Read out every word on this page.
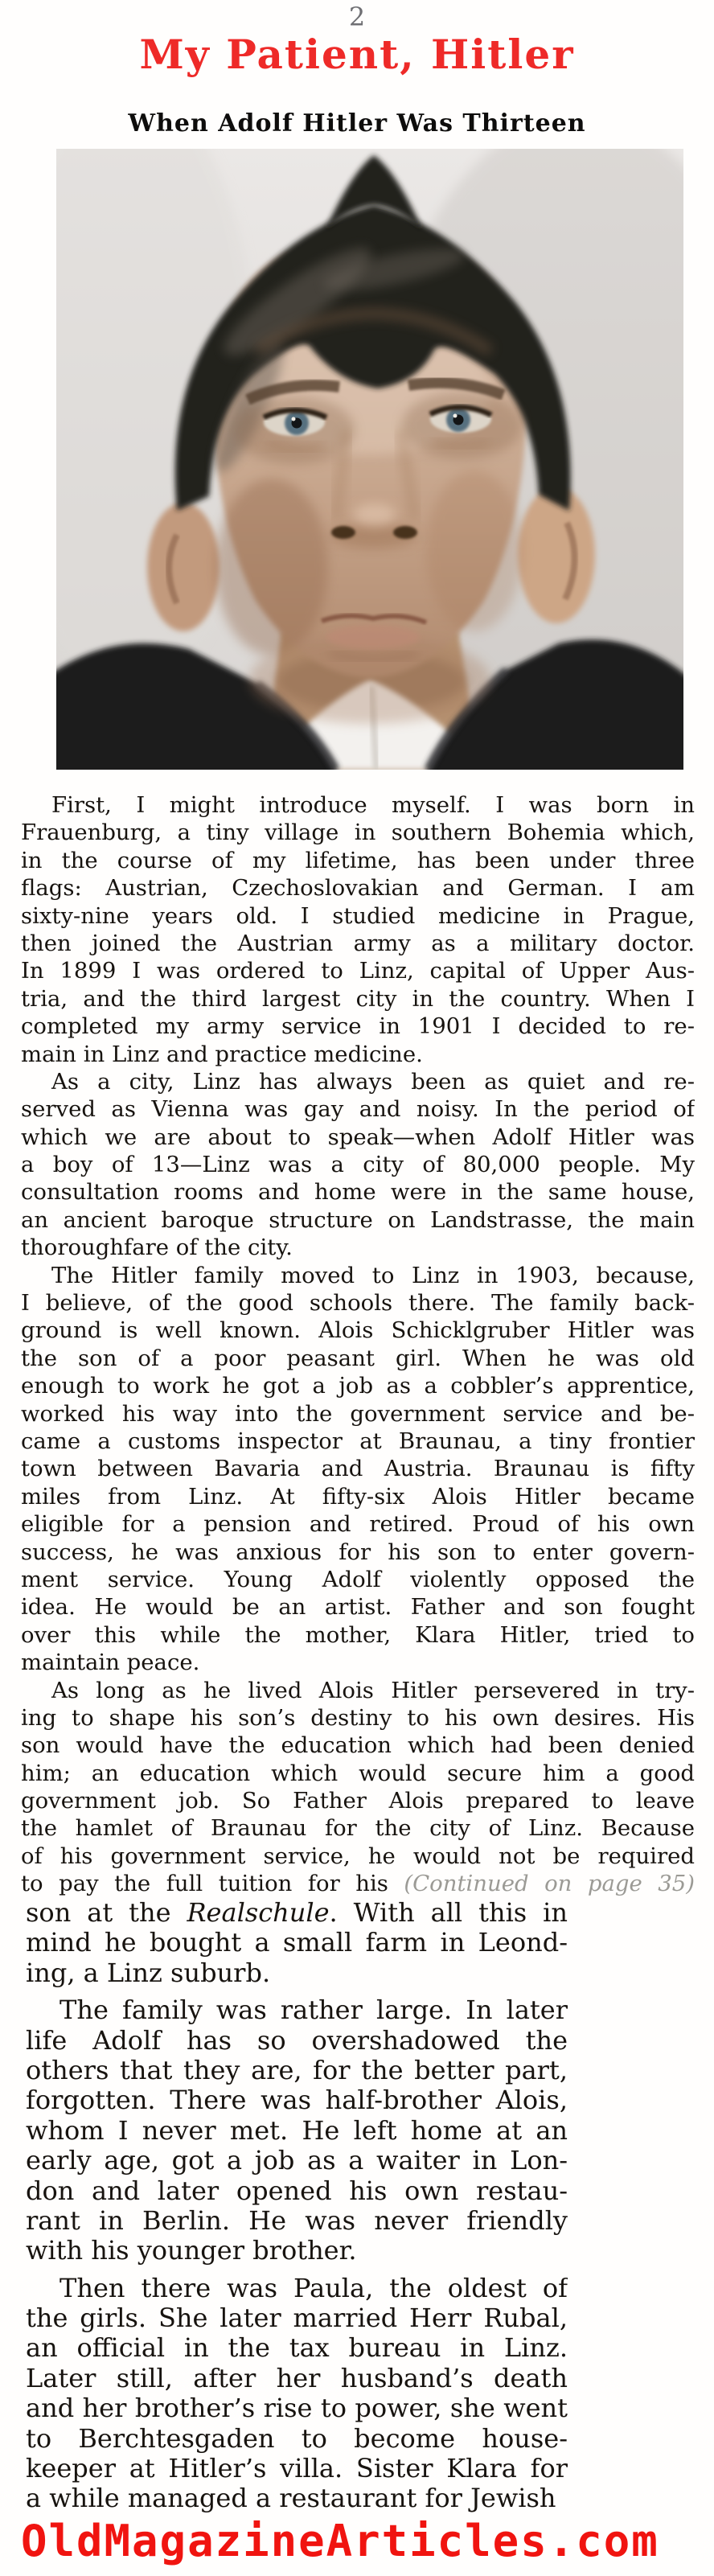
2
My Patient, Hitler
When Adolf Hitler Was Thirteen
First, I might introduce myself. I was born in
Frauenburg, a tiny village in southern Bohemia which,
in the course of my lifetime, has been under three
flags: Austrian, Czechoslovakian and German. I am
sixty-nine years old. I studied medicine in Prague,
then joined the Austrian army as a military doctor.
In 1899 I was ordered to Linz, capital of Upper Aus-
tria, and the third largest city in the country. When I
completed my army service in 1901 I decided to re-
main in Linz and practice medicine.
As a city, Linz has always been as quiet and re-
served as Vienna was gay and noisy. In the period of
which we are about to speak—when Adolf Hitler was
a boy of 13—Linz was a city of 80,000 people. My
consultation rooms and home were in the same house,
an ancient baroque structure on Landstrasse, the main
thoroughfare of the city.
The Hitler family moved to Linz in 1903, because,
I believe, of the good schools there. The family back-
ground is well known. Alois Schicklgruber Hitler was
the son of a poor peasant girl. When he was old
enough to work he got a job as a cobbler’s apprentice,
worked his way into the government service and be-
came a customs inspector at Braunau, a tiny frontier
town between Bavaria and Austria. Braunau is fifty
miles from Linz. At fifty-six Alois Hitler became
eligible for a pension and retired. Proud of his own
success, he was anxious for his son to enter govern-
ment service. Young Adolf violently opposed the
idea. He would be an artist. Father and son fought
over this while the mother, Klara Hitler, tried to
maintain peace.
As long as he lived Alois Hitler persevered in try-
ing to shape his son’s destiny to his own desires. His
son would have the education which had been denied
him; an education which would secure him a good
government job. So Father Alois prepared to leave
the hamlet of Braunau for the city of Linz. Because
of his government service, he would not be required
to pay the full tuition for his (Continued on page 35)
son at the Realschule. With all this in
mind he bought a small farm in Leond-
ing, a Linz suburb.
The family was rather large. In later
life Adolf has so overshadowed the
others that they are, for the better part,
forgotten. There was half-brother Alois,
whom I never met. He left home at an
early age, got a job as a waiter in Lon-
don and later opened his own restau-
rant in Berlin. He was never friendly
with his younger brother.
Then there was Paula, the oldest of
the girls. She later married Herr Rubal,
an official in the tax bureau in Linz.
Later still, after her husband’s death
and her brother’s rise to power, she went
to Berchtesgaden to become house-
keeper at Hitler’s villa. Sister Klara for
a while managed a restaurant for Jewish
OldMagazineArticles.com
